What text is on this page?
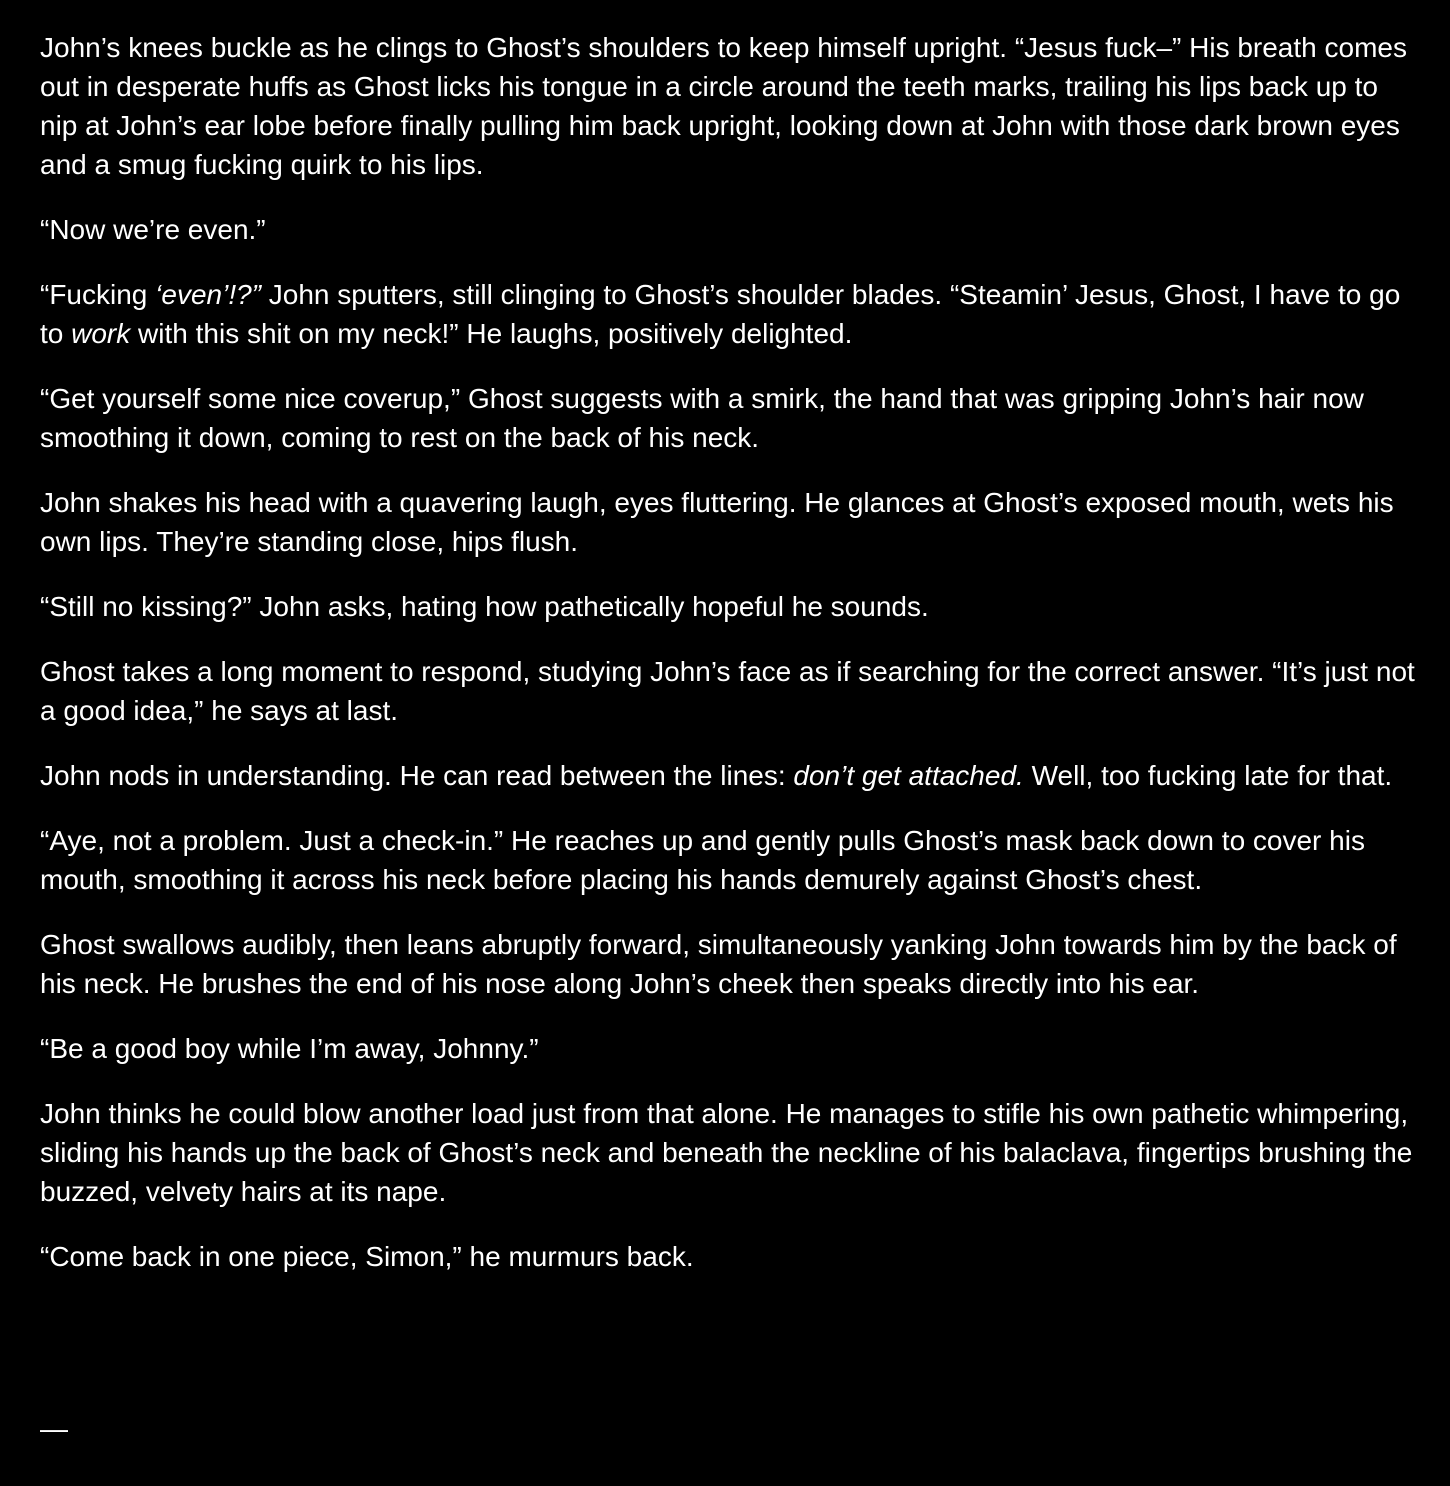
John’s knees buckle as he clings to Ghost’s shoulders to keep himself upright. “Jesus fuck–” His breath comes out in desperate huffs as Ghost licks his tongue in a circle around the teeth marks, trailing his lips back up to nip at John’s ear lobe before finally pulling him back upright, looking down at John with those dark brown eyes and a smug fucking quirk to his lips.

“Now we’re even.”

“Fucking ‘even’!?” John sputters, still clinging to Ghost’s shoulder blades. “Steamin’ Jesus, Ghost, I have to go to work with this shit on my neck!” He laughs, positively delighted.

“Get yourself some nice coverup,” Ghost suggests with a smirk, the hand that was gripping John’s hair now smoothing it down, coming to rest on the back of his neck.

John shakes his head with a quavering laugh, eyes fluttering. He glances at Ghost’s exposed mouth, wets his own lips. They’re standing close, hips flush.

“Still no kissing?” John asks, hating how pathetically hopeful he sounds.

Ghost takes a long moment to respond, studying John’s face as if searching for the correct answer. “It’s just not a good idea,” he says at last.

John nods in understanding. He can read between the lines: don’t get attached. Well, too fucking late for that.

“Aye, not a problem. Just a check-in.” He reaches up and gently pulls Ghost’s mask back down to cover his mouth, smoothing it across his neck before placing his hands demurely against Ghost’s chest.

Ghost swallows audibly, then leans abruptly forward, simultaneously yanking John towards him by the back of his neck. He brushes the end of his nose along John’s cheek then speaks directly into his ear.

“Be a good boy while I’m away, Johnny.”

John thinks he could blow another load just from that alone. He manages to stifle his own pathetic whimpering, sliding his hands up the back of Ghost’s neck and beneath the neckline of his balaclava, fingertips brushing the buzzed, velvety hairs at its nape.

“Come back in one piece, Simon,” he murmurs back.

—
